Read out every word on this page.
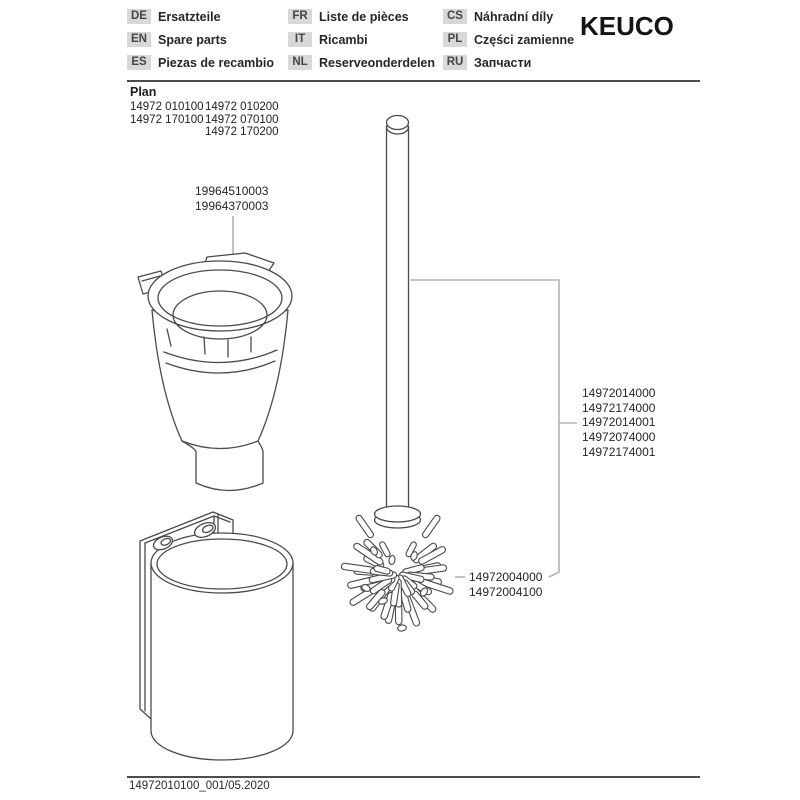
DE Ersatzteile
EN Spare parts
ES Piezas de recambio
FR Liste de pièces
IT	Ricambi
NL Reserveonderdelen
CS Náhradní díly
PL Części zamienne
RU Запчасти
KEUCO
Plan
14972 01010014972 010200
14972 17010014972 070100
14972 170200
19964510003
19964370003
14972014000
14972174000
14972014001
14972074000
14972174001
14972004000
14972004100
14972010100_001/05.2020
